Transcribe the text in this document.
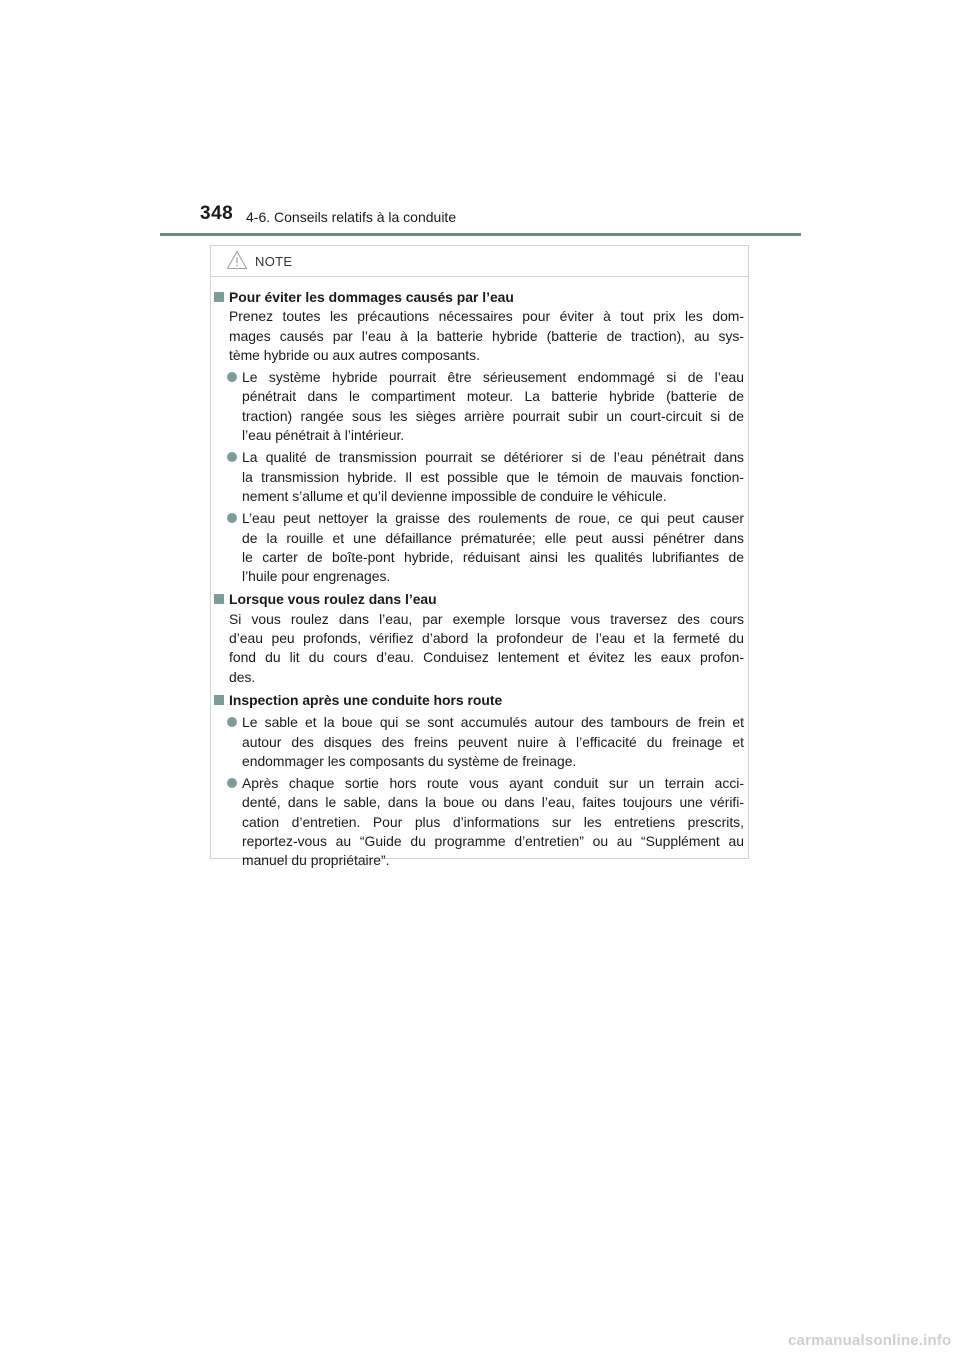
348 4-6. Conseils relatifs à la conduite
NOTE
Pour éviter les dommages causés par l’eau
Prenez toutes les précautions nécessaires pour éviter à tout prix les dom-
mages causés par l’eau à la batterie hybride (batterie de traction), au sys-
tème hybride ou aux autres composants.
Le système hybride pourrait être sérieusement endommagé si de l’eau
pénétrait dans le compartiment moteur. La batterie hybride (batterie de
traction) rangée sous les sièges arrière pourrait subir un court-circuit si de
l’eau pénétrait à l’intérieur.
La qualité de transmission pourrait se détériorer si de l’eau pénétrait dans
la transmission hybride. Il est possible que le témoin de mauvais fonction-
nement s’allume et qu’il devienne impossible de conduire le véhicule.
L’eau peut nettoyer la graisse des roulements de roue, ce qui peut causer
de la rouille et une défaillance prématurée; elle peut aussi pénétrer dans
le carter de boîte-pont hybride, réduisant ainsi les qualités lubrifiantes de
l’huile pour engrenages.
Lorsque vous roulez dans l’eau
Si vous roulez dans l’eau, par exemple lorsque vous traversez des cours
d’eau peu profonds, vérifiez d’abord la profondeur de l’eau et la fermeté du
fond du lit du cours d’eau. Conduisez lentement et évitez les eaux profon-
des.
Inspection après une conduite hors route
Le sable et la boue qui se sont accumulés autour des tambours de frein et
autour des disques des freins peuvent nuire à l’efficacité du freinage et
endommager les composants du système de freinage.
Après chaque sortie hors route vous ayant conduit sur un terrain acci-
denté, dans le sable, dans la boue ou dans l’eau, faites toujours une vérifi-
cation d’entretien. Pour plus d’informations sur les entretiens prescrits,
reportez-vous au “Guide du programme d’entretien” ou au “Supplément au
manuel du propriétaire”.
carmanualsonline.info
